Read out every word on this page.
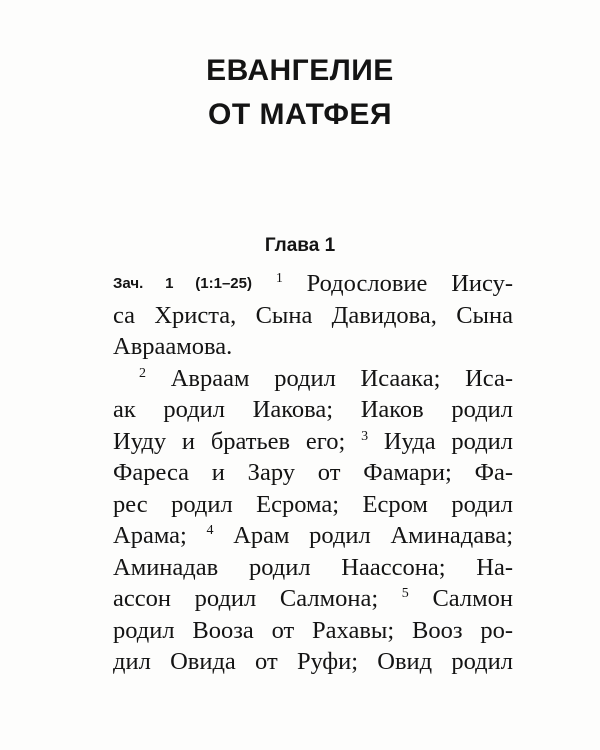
ЕВАНГЕЛИЕ
ОТ МАТФЕЯ
Глава 1
Зач. 1 (1:1–25) $^1$ Родословие Иису-
са Христа, Сына Давидова, Сына
Авраамова.
$^2$ Авраам родил Исаака; Иса-
ак родил Иакова; Иаков родил
Иуду и братьев его; $^3$ Иуда родил
Фареса и Зару от Фамари; Фа-
рес родил Есрома; Есром родил
Арама; $^4$ Арам родил Аминадава;
Аминадав родил Наассона; На-
ассон родил Салмона; $^5$ Салмон
родил Вооза от Рахавы; Вооз ро-
дил Овида от Руфи; Овид родил
